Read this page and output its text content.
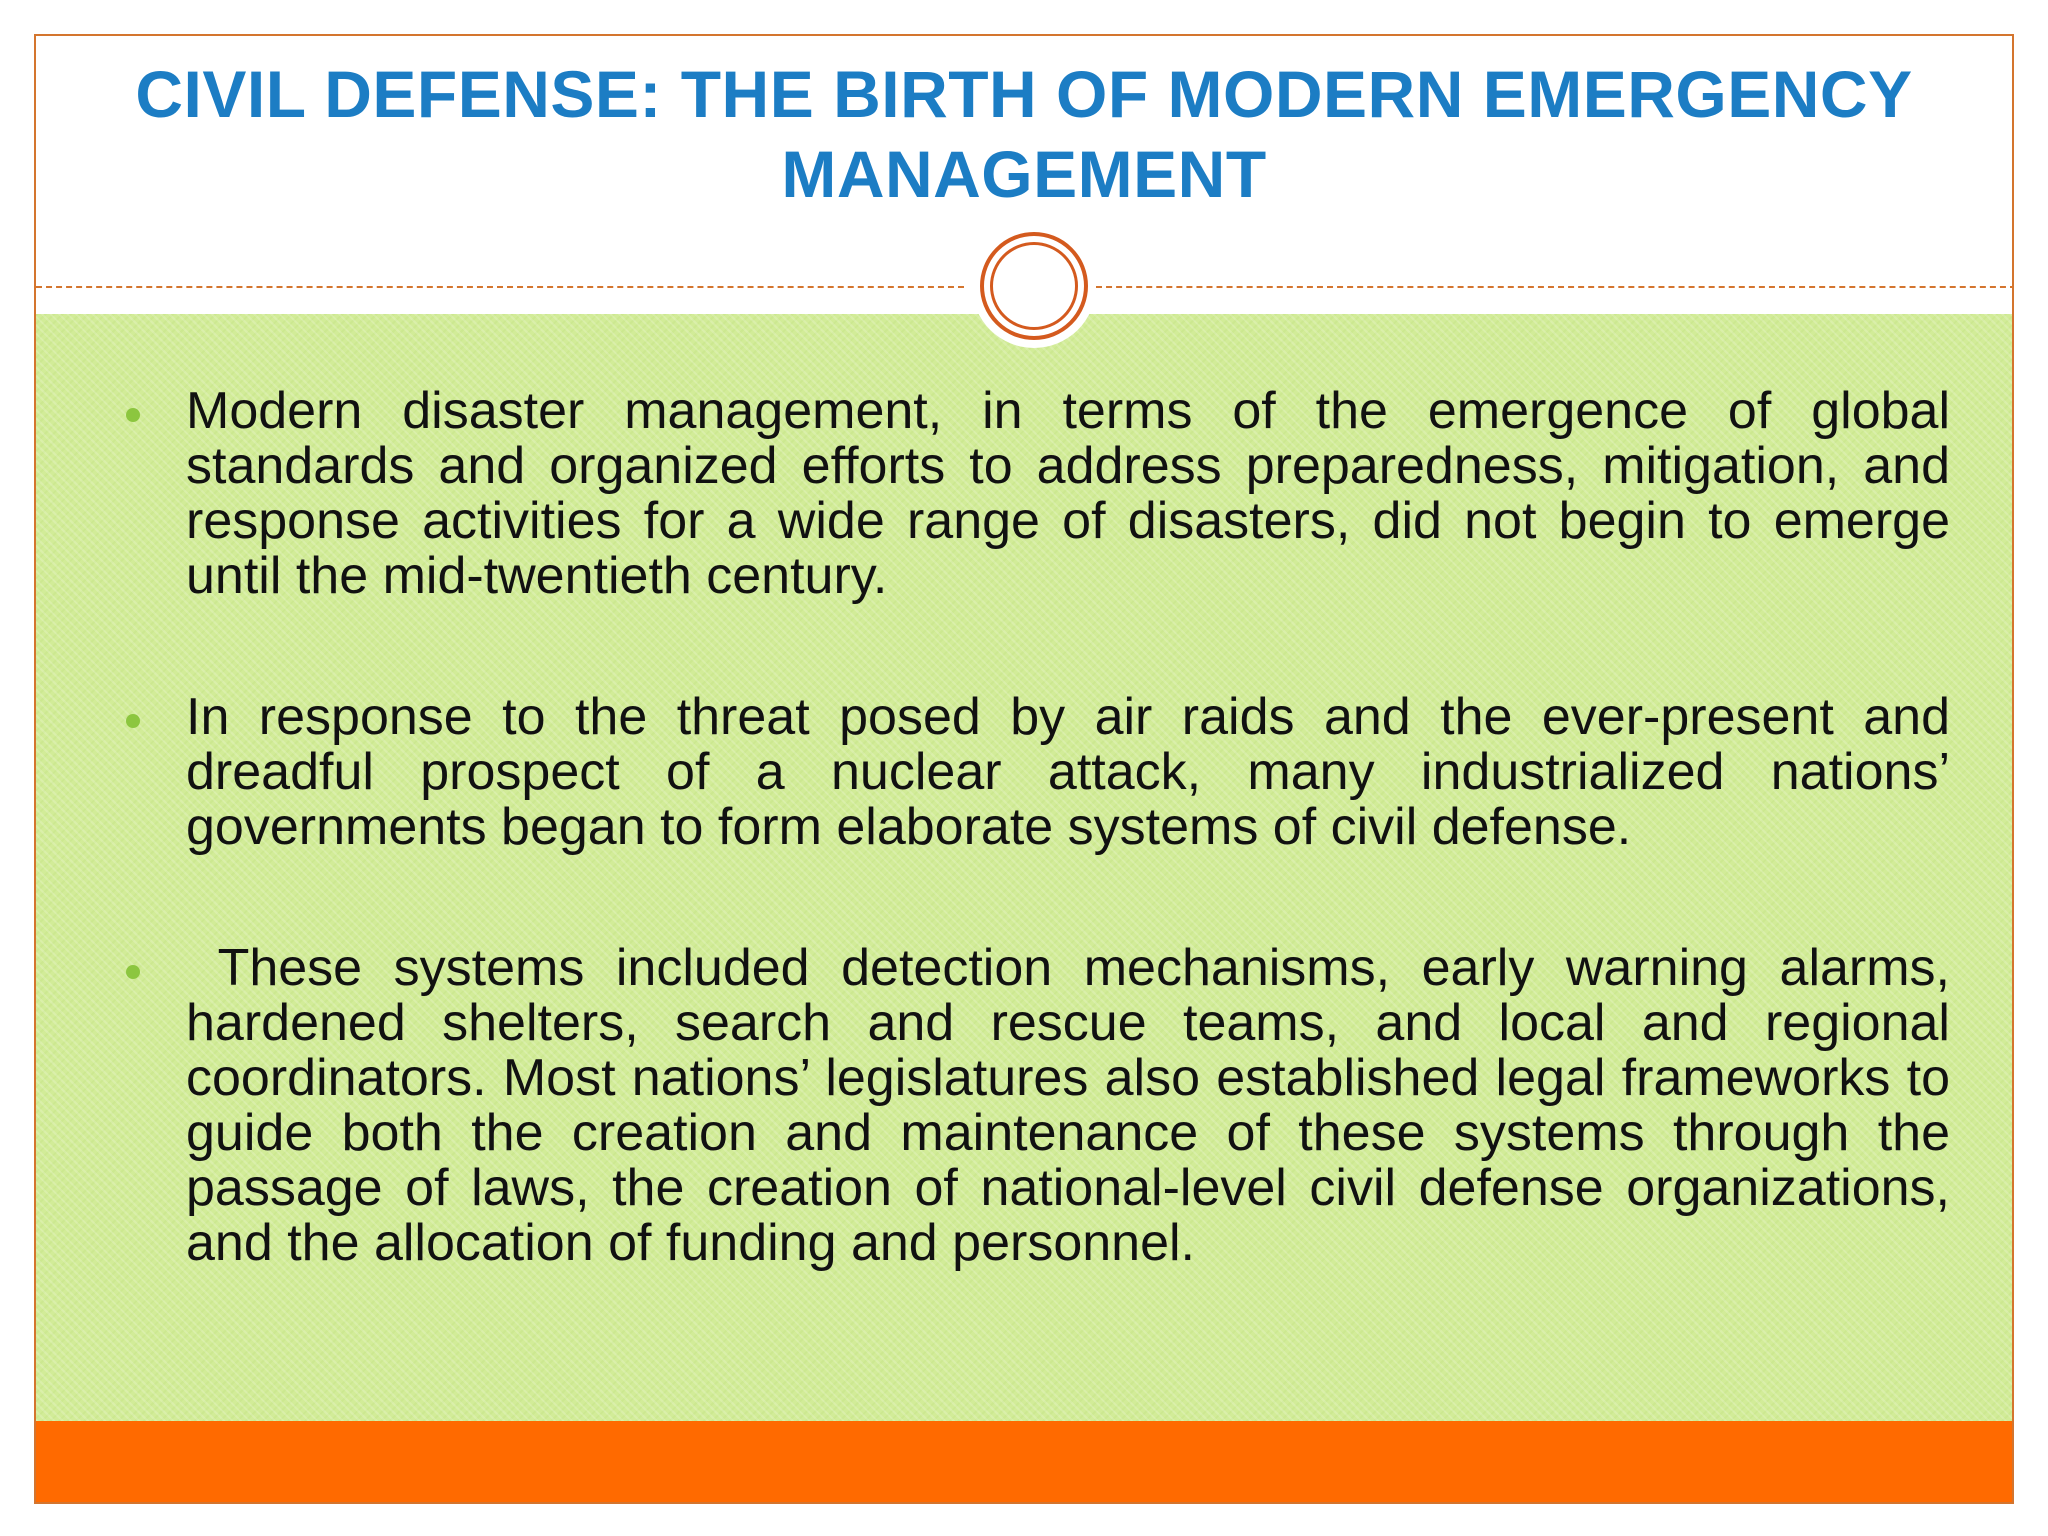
CIVIL DEFENSE: THE BIRTH OF MODERN EMERGENCY MANAGEMENT
Modern disaster management, in terms of the emergence of global standards and organized efforts to address preparedness, mitigation, and response activities for a wide range of disasters, did not begin to emerge until the mid-twentieth century.
In response to the threat posed by air raids and the ever-present and dreadful prospect of a nuclear attack, many industrialized nations’ governments began to form elaborate systems of civil defense.
These systems included detection mechanisms, early warning alarms, hardened shelters, search and rescue teams, and local and regional coordinators. Most nations’ legislatures also established legal frameworks to guide both the creation and maintenance of these systems through the passage of laws, the creation of national-level civil defense organizations, and the allocation of funding and personnel.
